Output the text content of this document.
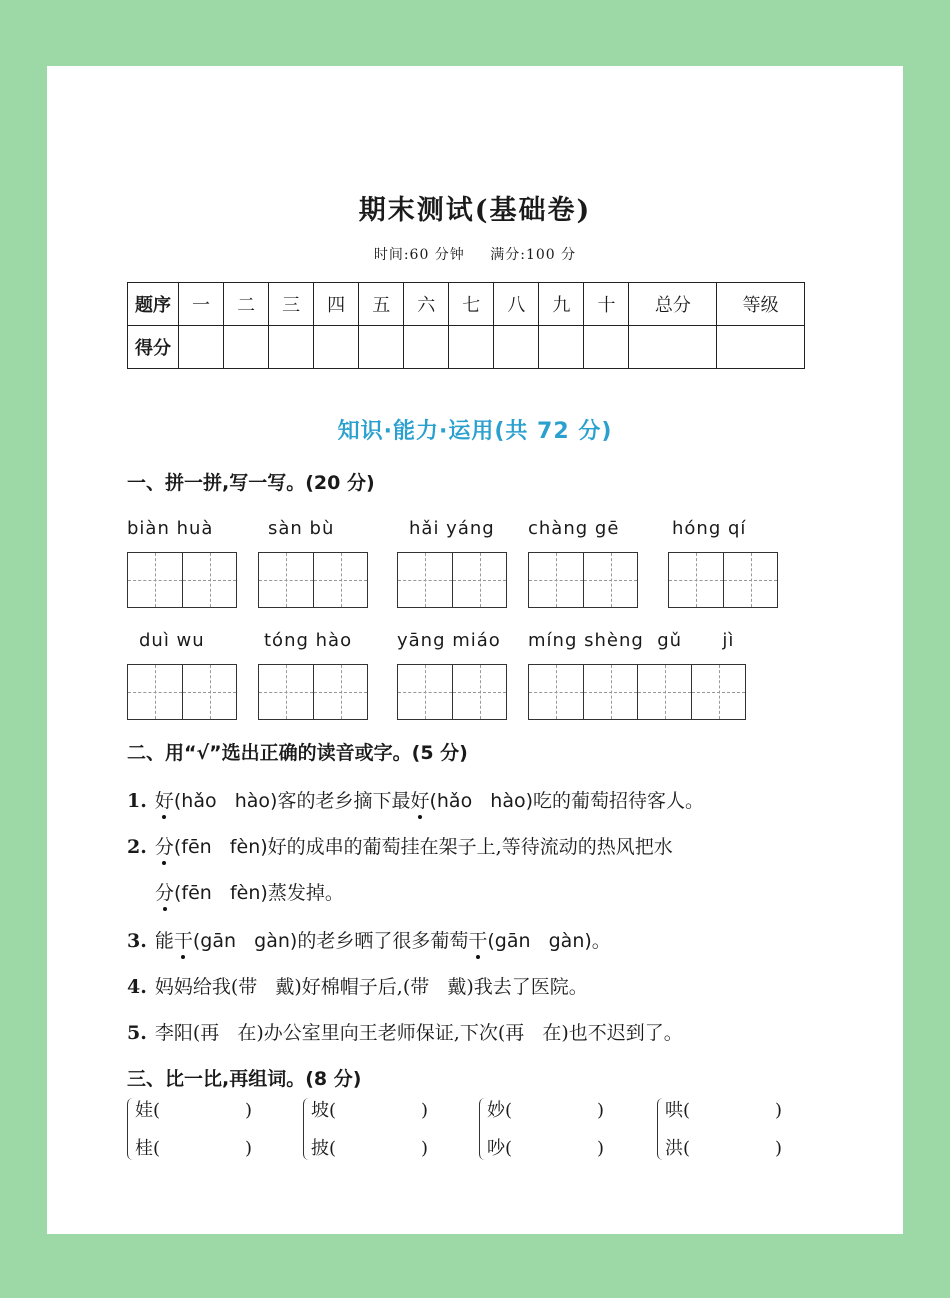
期末测试(基础卷)
时间:60 分钟 满分:100 分
题序	一	二	三	四	五	六	七	八	九	十	总分	等级
得分												
知识·能力·运用(共 72 分)
一、拼一拼,写一写。(20 分)
biàn huà	sàn bù	hǎi yáng	chàng gē	hóng qí
duì wu	tóng hào	yāng miáo	míng shèng  gǔ      jì
二、用“√”选出正确的读音或字。(5 分)
1. 好(hǎo   hào)客的老乡摘下最好(hǎo   hào)吃的葡萄招待客人。
2. 分(fēn   fèn)好的成串的葡萄挂在架子上,等待流动的热风把水
分(fēn   fèn)蒸发掉。
3. 能干(gān   gàn)的老乡晒了很多葡萄干(gān   gàn)。
4. 妈妈给我(带   戴)好棉帽子后,(带   戴)我去了医院。
5. 李阳(再   在)办公室里向王老师保证,下次(再   在)也不迟到了。
三、比一比,再组词。(8 分)
娃(	)
桂(	)
坡(	)
披(	)
妙(	)
吵(	)
哄(	)
洪(	)
